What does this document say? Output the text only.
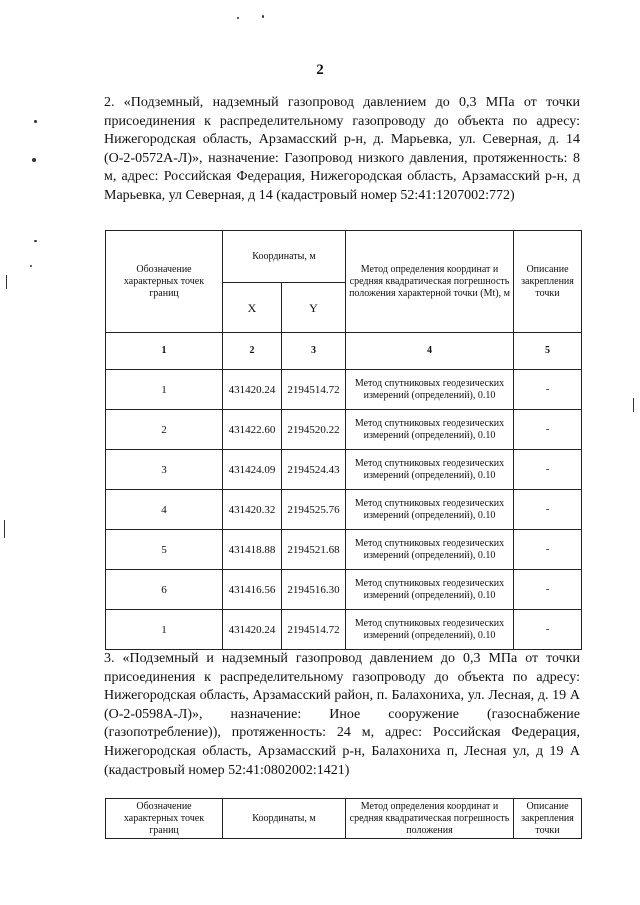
2

2. «Подземный, надземный газопровод давлением до 0,3 МПа от точки присоединения к распределительному газопроводу до объекта по адресу: Нижегородская область, Арзамасский р-н, д. Марьевка, ул. Северная, д. 14 (О-2-0572А-Л)», назначение: Газопровод низкого давления, протяженность: 8 м, адрес: Российская Федерация, Нижегородская область, Арзамасский р-н, д Марьевка, ул Северная, д 14 (кадастровый номер 52:41:1207002:772)

Обозначение характерных точек границ	Координаты, м		Метод определения координат и средняя квадратическая погрешность положения характерной точки (Mt), м	Описание закрепления точки
	X	Y		
1	2	3	4	5
1	431420.24	2194514.72	Метод спутниковых геодезических измерений (определений), 0.10	-
2	431422.60	2194520.22	Метод спутниковых геодезических измерений (определений), 0.10	-
3	431424.09	2194524.43	Метод спутниковых геодезических измерений (определений), 0.10	-
4	431420.32	2194525.76	Метод спутниковых геодезических измерений (определений), 0.10	-
5	431418.88	2194521.68	Метод спутниковых геодезических измерений (определений), 0.10	-
6	431416.56	2194516.30	Метод спутниковых геодезических измерений (определений), 0.10	-
1	431420.24	2194514.72	Метод спутниковых геодезических измерений (определений), 0.10	-

3. «Подземный и надземный газопровод давлением до 0,3 МПа от точки присоединения к распределительному газопроводу до объекта по адресу: Нижегородская область, Арзамасский район, п. Балахониха, ул. Лесная, д. 19 А (О-2-0598А-Л)», назначение: Иное сооружение (газоснабжение (газопотребление)), протяженность: 24 м, адрес: Российская Федерация, Нижегородская область, Арзамасский р-н, Балахониха п, Лесная ул, д 19 А (кадастровый номер 52:41:0802002:1421)

Обозначение характерных точек границ	Координаты, м	Метод определения координат и средняя квадратическая погрешность положения	Описание закрепления точки
